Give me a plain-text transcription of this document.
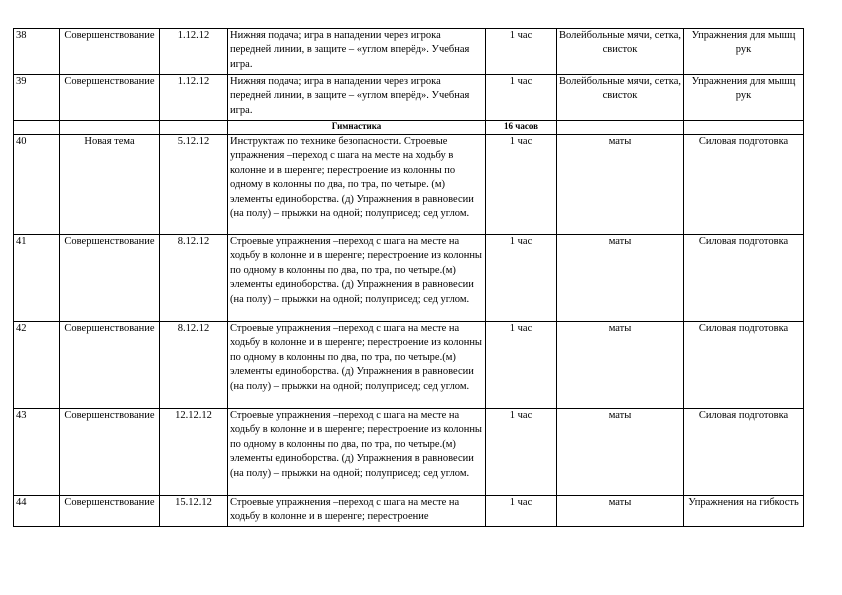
38	Совершенствование	1.12.12	Нижняя подача; игра в нападении через игрока передней линии, в защите – «углом вперёд». Учебная игра.	1 час	Волейбольные мячи, сетка, свисток	Упражнения для мышц рук
39	Совершенствование	1.12.12	Нижняя подача; игра в нападении через игрока передней линии, в защите – «углом вперёд». Учебная игра.	1 час	Волейбольные мячи, сетка, свисток	Упражнения для мышц рук
			Гимнастика	16 часов		
40	Новая тема	5.12.12	Инструктаж по технике безопасности. Строевые упражнения –переход с шага на месте на ходьбу в колонне и в шеренге; перестроение из колонны по одному в колонны по два, по тра, по четыре. (м) элементы единоборства. (д) Упражнения в равновесии (на полу) – прыжки на одной; полуприсед; сед углом.	1 час	маты	Силовая подготовка
41	Совершенствование	8.12.12	Строевые упражнения –переход с шага на месте на ходьбу в колонне и в шеренге; перестроение из колонны по одному в колонны по два, по тра, по четыре.(м) элементы единоборства. (д) Упражнения в равновесии (на полу) – прыжки на одной; полуприсед; сед углом.	1 час	маты	Силовая подготовка
42	Совершенствование	8.12.12	Строевые упражнения –переход с шага на месте на ходьбу в колонне и в шеренге; перестроение из колонны по одному в колонны по два, по тра, по четыре.(м) элементы единоборства. (д) Упражнения в равновесии (на полу) – прыжки на одной; полуприсед; сед углом.	1 час	маты	Силовая подготовка
43	Совершенствование	12.12.12	Строевые упражнения –переход с шага на месте на ходьбу в колонне и в шеренге; перестроение из колонны по одному в колонны по два, по тра, по четыре.(м) элементы единоборства. (д) Упражнения в равновесии (на полу) – прыжки на одной; полуприсед; сед углом.	1 час	маты	Силовая подготовка
44	Совершенствование	15.12.12	Строевые упражнения –переход с шага на месте на ходьбу в колонне и в шеренге; перестроение	1 час	маты	Упражнения на гибкость
